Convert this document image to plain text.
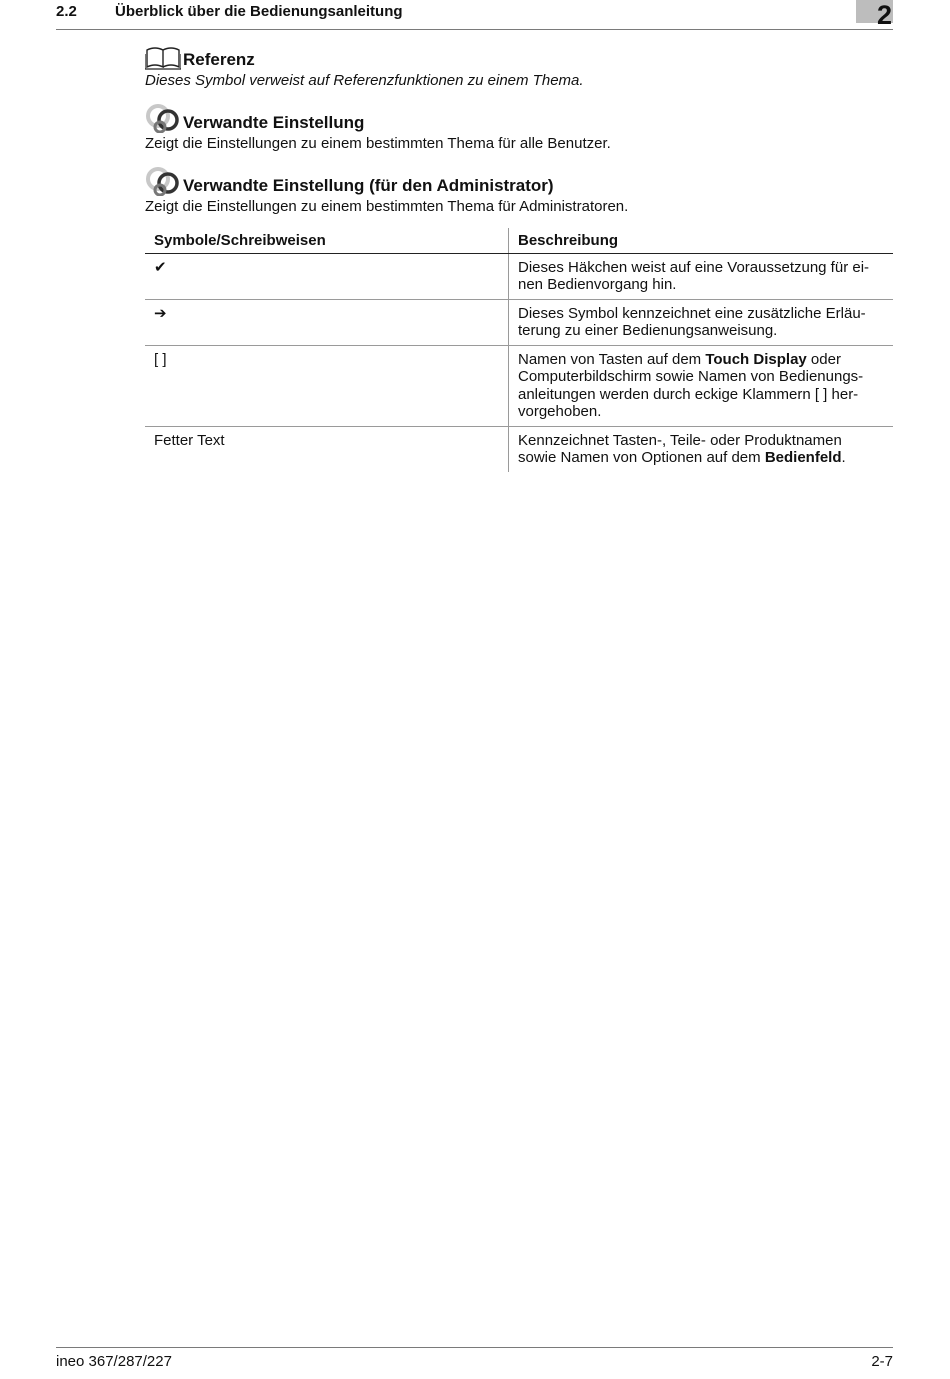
2.2	Überblick über die Bedienungsanleitung	2
Referenz
Dieses Symbol verweist auf Referenzfunktionen zu einem Thema.
Verwandte Einstellung
Zeigt die Einstellungen zu einem bestimmten Thema für alle Benutzer.
Verwandte Einstellung (für den Administrator)
Zeigt die Einstellungen zu einem bestimmten Thema für Administratoren.
Symbole/Schreibweisen	Beschreibung
✔	Dieses Häkchen weist auf eine Voraussetzung für ei-
nen Bedienvorgang hin.

➔	Dieses Symbol kennzeichnet eine zusätzliche Erläu-
terung zu einer Bedienungsanweisung.

[ ]	Namen von Tasten auf dem Touch Display oder
Computerbildschirm sowie Namen von Bedienungs-
anleitungen werden durch eckige Klammern [ ] her-
vorgehoben.

Fetter Text	Kennzeichnet Tasten-, Teile- oder Produktnamen
sowie Namen von Optionen auf dem Bedienfeld.
ineo 367/287/227	2-7
